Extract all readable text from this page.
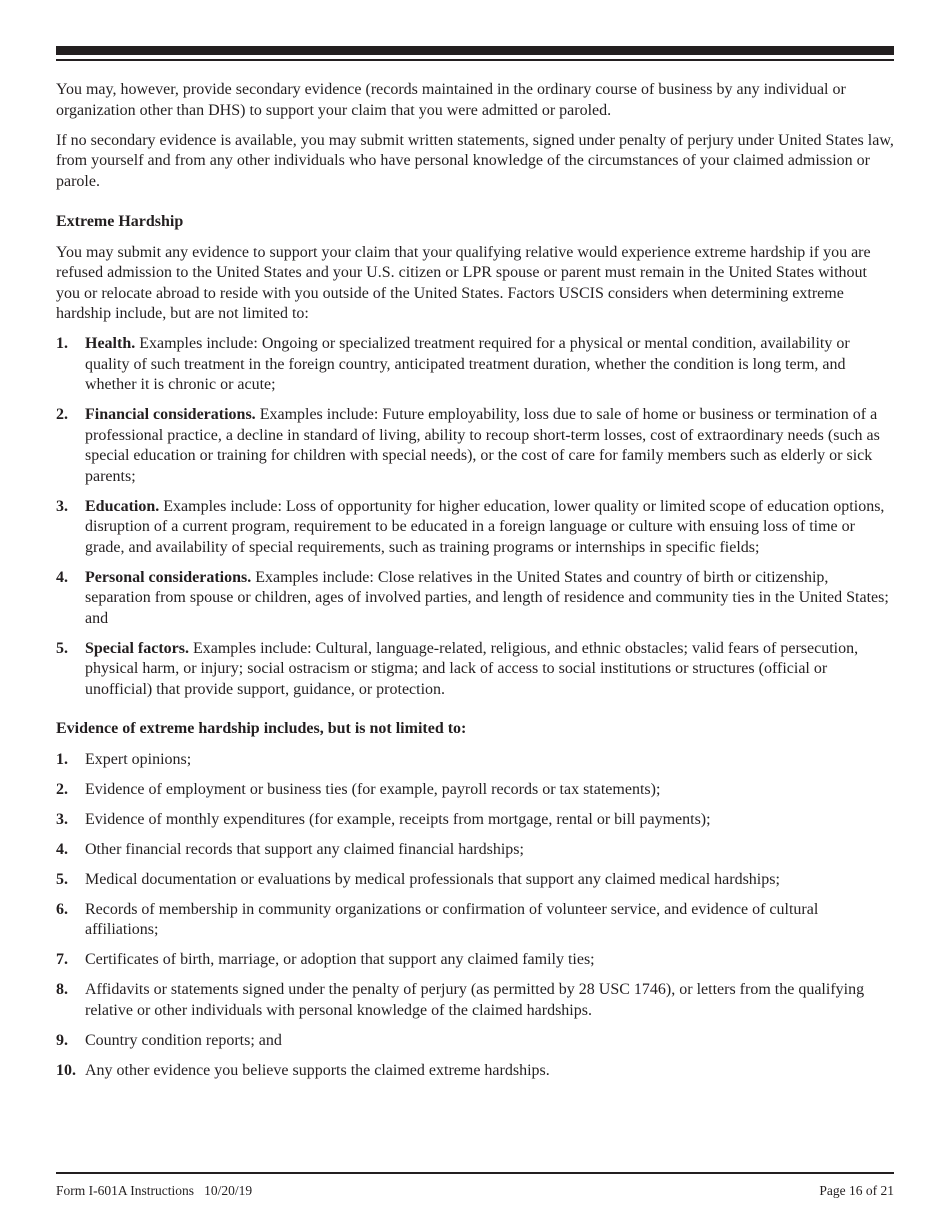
You may, however, provide secondary evidence (records maintained in the ordinary course of business by any individual or organization other than DHS) to support your claim that you were admitted or paroled.

If no secondary evidence is available, you may submit written statements, signed under penalty of perjury under United States law, from yourself and from any other individuals who have personal knowledge of the circumstances of your claimed admission or parole.

Extreme Hardship

You may submit any evidence to support your claim that your qualifying relative would experience extreme hardship if you are refused admission to the United States and your U.S. citizen or LPR spouse or parent must remain in the United States without you or relocate abroad to reside with you outside of the United States. Factors USCIS considers when determining extreme hardship include, but are not limited to:

1. Health. Examples include: Ongoing or specialized treatment required for a physical or mental condition, availability or quality of such treatment in the foreign country, anticipated treatment duration, whether the condition is long term, and whether it is chronic or acute;
2. Financial considerations. Examples include: Future employability, loss due to sale of home or business or termination of a professional practice, a decline in standard of living, ability to recoup short-term losses, cost of extraordinary needs (such as special education or training for children with special needs), or the cost of care for family members such as elderly or sick parents;
3. Education. Examples include: Loss of opportunity for higher education, lower quality or limited scope of education options, disruption of a current program, requirement to be educated in a foreign language or culture with ensuing loss of time or grade, and availability of special requirements, such as training programs or internships in specific fields;
4. Personal considerations. Examples include: Close relatives in the United States and country of birth or citizenship, separation from spouse or children, ages of involved parties, and length of residence and community ties in the United States; and
5. Special factors. Examples include: Cultural, language-related, religious, and ethnic obstacles; valid fears of persecution, physical harm, or injury; social ostracism or stigma; and lack of access to social institutions or structures (official or unofficial) that provide support, guidance, or protection.
Evidence of extreme hardship includes, but is not limited to:
1. Expert opinions;
2. Evidence of employment or business ties (for example, payroll records or tax statements);
3. Evidence of monthly expenditures (for example, receipts from mortgage, rental or bill payments);
4. Other financial records that support any claimed financial hardships;
5. Medical documentation or evaluations by medical professionals that support any claimed medical hardships;
6. Records of membership in community organizations or confirmation of volunteer service, and evidence of cultural affiliations;
7. Certificates of birth, marriage, or adoption that support any claimed family ties;
8. Affidavits or statements signed under the penalty of perjury (as permitted by 28 USC 1746), or letters from the qualifying relative or other individuals with personal knowledge of the claimed hardships.
9. Country condition reports; and
10. Any other evidence you believe supports the claimed extreme hardships.
Form I-601A Instructions   10/20/19	Page 16 of 21
